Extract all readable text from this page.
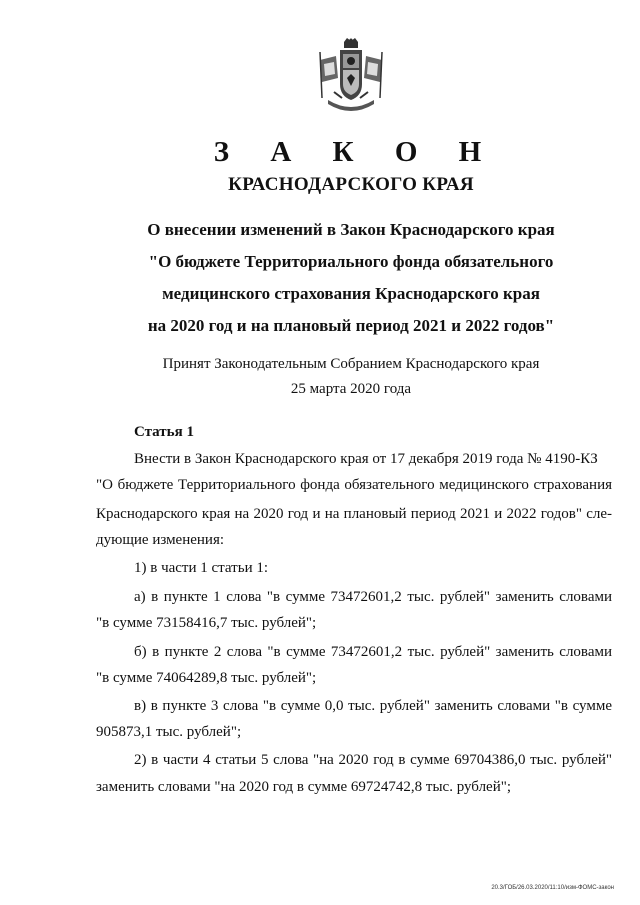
З А К О Н
КРАСНОДАРСКОГО КРАЯ
О внесении изменений в Закон Краснодарского края
"О бюджете Территориального фонда обязательного
медицинского страхования Краснодарского края
на 2020 год и на плановый период 2021 и 2022 годов"
Принят Законодательным Собранием Краснодарского края
25 марта 2020 года
Статья 1
Внести в Закон Краснодарского края от 17 декабря 2019 года № 4190-КЗ
"О бюджете Территориального фонда обязательного медицинского страхования
Краснодарского края на 2020 год и на плановый период 2021 и 2022 годов" сле-
дующие изменения:
1) в части 1 статьи 1:
а) в пункте 1 слова "в сумме 73472601,2 тыс. рублей" заменить словами
"в сумме 73158416,7 тыс. рублей";
б) в пункте 2 слова "в сумме 73472601,2 тыс. рублей" заменить словами
"в сумме 74064289,8 тыс. рублей";
в) в пункте 3 слова "в сумме 0,0 тыс. рублей" заменить словами "в сумме
905873,1 тыс. рублей";
2) в части 4 статьи 5 слова "на 2020 год в сумме 69704386,0 тыс. рублей"
заменить словами "на 2020 год в сумме 69724742,8 тыс. рублей";
20.3/ГОБ/26.03.2020/11:10/изм-ФОМС-закон
